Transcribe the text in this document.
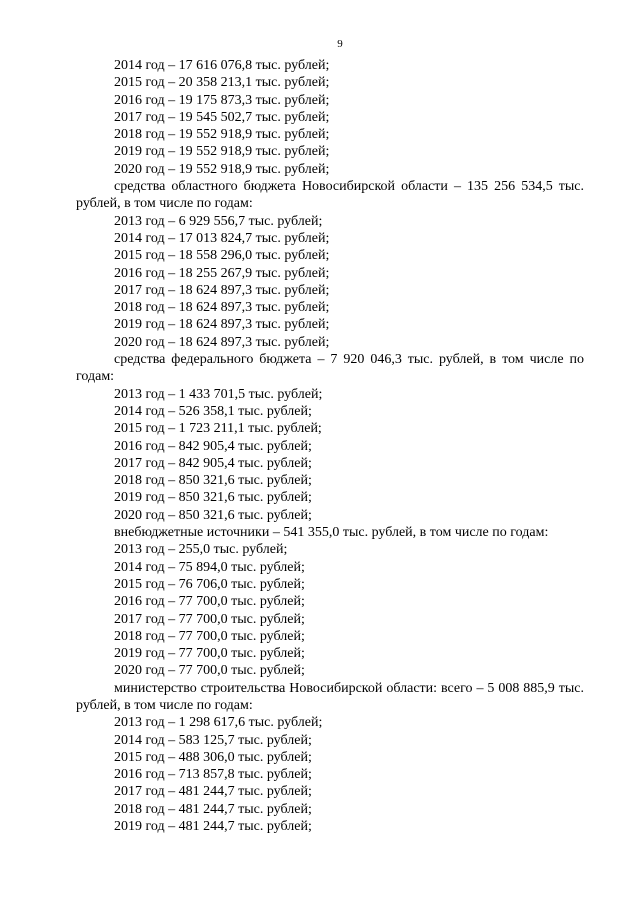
9
2014 год – 17 616 076,8 тыс. рублей;
2015 год – 20 358 213,1 тыс. рублей;
2016 год – 19 175 873,3 тыс. рублей;
2017 год – 19 545 502,7 тыс. рублей;
2018 год – 19 552 918,9 тыс. рублей;
2019 год – 19 552 918,9 тыс. рублей;
2020 год – 19 552 918,9 тыс. рублей;
средства областного бюджета Новосибирской области – 135 256 534,5 тыс. рублей, в том числе по годам:
2013 год – 6 929 556,7 тыс. рублей;
2014 год – 17 013 824,7 тыс. рублей;
2015 год – 18 558 296,0 тыс. рублей;
2016 год – 18 255 267,9 тыс. рублей;
2017 год – 18 624 897,3 тыс. рублей;
2018 год – 18 624 897,3 тыс. рублей;
2019 год – 18 624 897,3 тыс. рублей;
2020 год – 18 624 897,3 тыс. рублей;
средства федерального бюджета – 7 920 046,3 тыс. рублей, в том числе по годам:
2013 год – 1 433 701,5 тыс. рублей;
2014 год – 526 358,1 тыс. рублей;
2015 год – 1 723 211,1 тыс. рублей;
2016 год – 842 905,4 тыс. рублей;
2017 год – 842 905,4 тыс. рублей;
2018 год – 850 321,6 тыс. рублей;
2019 год – 850 321,6 тыс. рублей;
2020 год – 850 321,6 тыс. рублей;
внебюджетные источники – 541 355,0 тыс. рублей, в том числе по годам:
2013 год – 255,0 тыс. рублей;
2014 год – 75 894,0 тыс. рублей;
2015 год – 76 706,0 тыс. рублей;
2016 год – 77 700,0 тыс. рублей;
2017 год – 77 700,0 тыс. рублей;
2018 год – 77 700,0 тыс. рублей;
2019 год – 77 700,0 тыс. рублей;
2020 год – 77 700,0 тыс. рублей;
министерство строительства Новосибирской области: всего – 5 008 885,9 тыс. рублей, в том числе по годам:
2013 год – 1 298 617,6 тыс. рублей;
2014 год – 583 125,7 тыс. рублей;
2015 год – 488 306,0 тыс. рублей;
2016 год – 713 857,8 тыс. рублей;
2017 год – 481 244,7 тыс. рублей;
2018 год – 481 244,7 тыс. рублей;
2019 год – 481 244,7 тыс. рублей;
